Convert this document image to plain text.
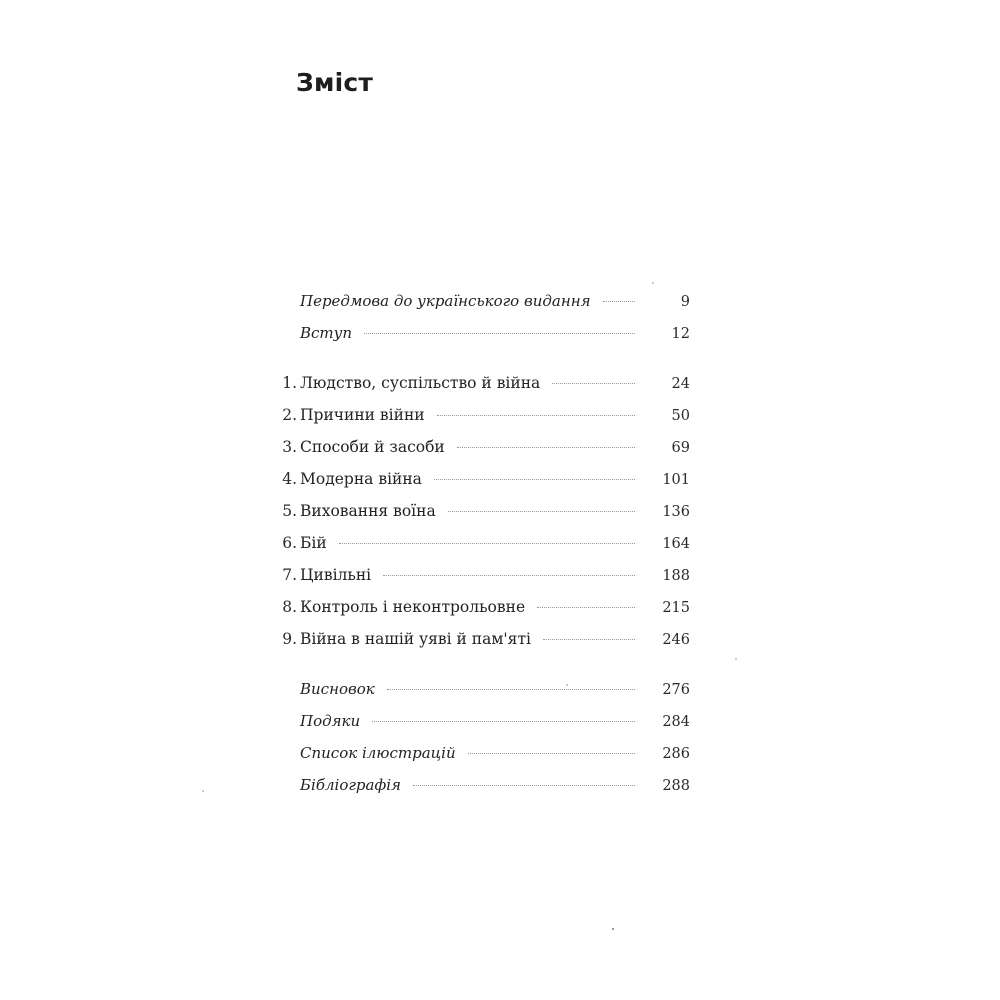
Зміст
Передмова до українського видання	9
Вступ	12
1. Людство, суспільство й війна	24
2. Причини війни	50
3. Способи й засоби	69
4. Модерна війна	101
5. Виховання воїна	136
6. Бій	164
7. Цивільні	188
8. Контроль і неконтрольовне	215
9. Війна в нашій уяві й пам'яті	246
Висновок	276
Подяки	284
Список ілюстрацій	286
Бібліографія	288
